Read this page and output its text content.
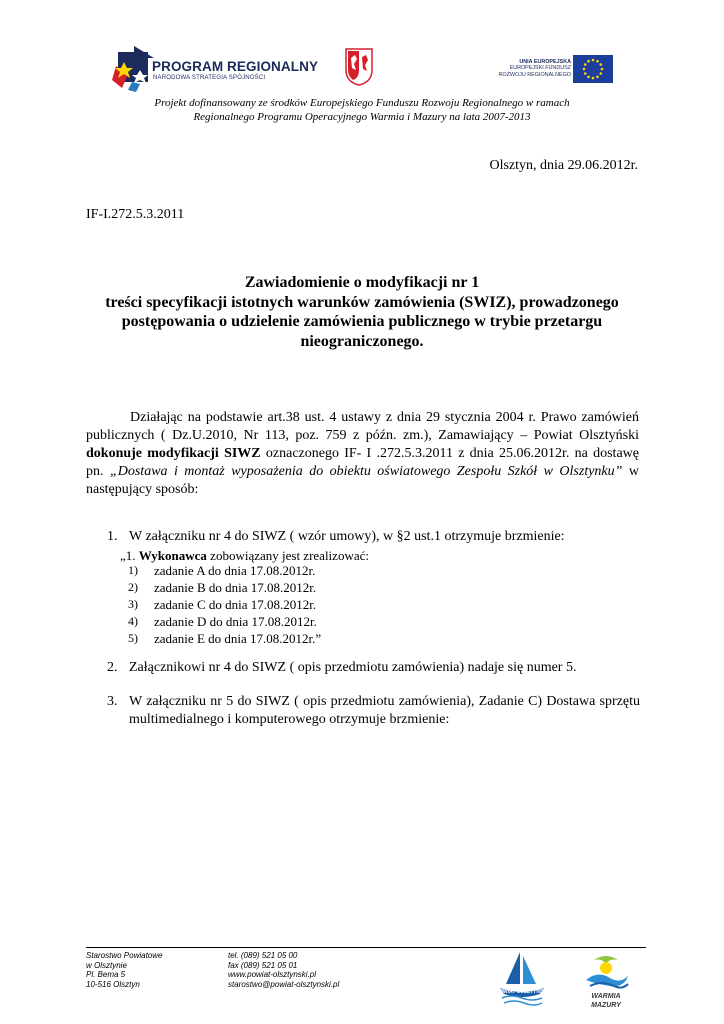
PROGRAM REGIONALNY
NARODOWA STRATEGIA SPÓJNOŚCI
UNIA EUROPEJSKA
EUROPEJSKI FUNDUSZ
ROZWOJU REGIONALNEGO
Projekt dofinansowany ze środków Europejskiego Funduszu Rozwoju Regionalnego w ramach
Regionalnego Programu Operacyjnego Warmia i Mazury na lata 2007-2013
Olsztyn, dnia 29.06.2012r.
IF-I.272.5.3.2011
Zawiadomienie o modyfikacji nr 1
treści specyfikacji istotnych warunków zamówienia (SWIZ), prowadzonego
postępowania o udzielenie zamówienia publicznego w trybie przetargu
nieograniczonego.

Działając na podstawie art.38 ust. 4 ustawy z dnia 29 stycznia 2004 r. Prawo zamówień publicznych ( Dz.U.2010, Nr 113, poz. 759 z późn. zm.), Zamawiający – Powiat Olsztyński dokonuje modyfikacji SIWZ oznaczonego IF- I .272.5.3.2011 z dnia 25.06.2012r. na dostawę pn. „Dostawa i montaż wyposażenia do obiektu oświatowego Zespołu Szkół w Olsztynku” w następujący sposób:

1. W załączniku nr 4 do SIWZ ( wzór umowy), w §2 ust.1 otrzymuje brzmienie:
„1. Wykonawca zobowiązany jest zrealizować:
1) zadanie A do dnia 17.08.2012r.
2) zadanie B do dnia 17.08.2012r.
3) zadanie C do dnia 17.08.2012r.
4) zadanie D do dnia 17.08.2012r.
5) zadanie E do dnia 17.08.2012r.”
2. Załącznikowi nr 4 do SIWZ ( opis przedmiotu zamówienia) nadaje się numer 5.
3. W załączniku nr 5 do SIWZ ( opis przedmiotu zamówienia), Zadanie C) Dostawa sprzętu multimedialnego i komputerowego otrzymuje brzmienie:
Starostwo Powiatowe
w Olsztynie
Pl. Bema 5
10-516 Olsztyn
tel. (089) 521 05 00
fax (089) 521 05 01
www.powiat-olsztynski.pl
starostwo@powiat-olsztynski.pl
POWIAT OLSZTYŃSKI
WARMIA
MAZURY
